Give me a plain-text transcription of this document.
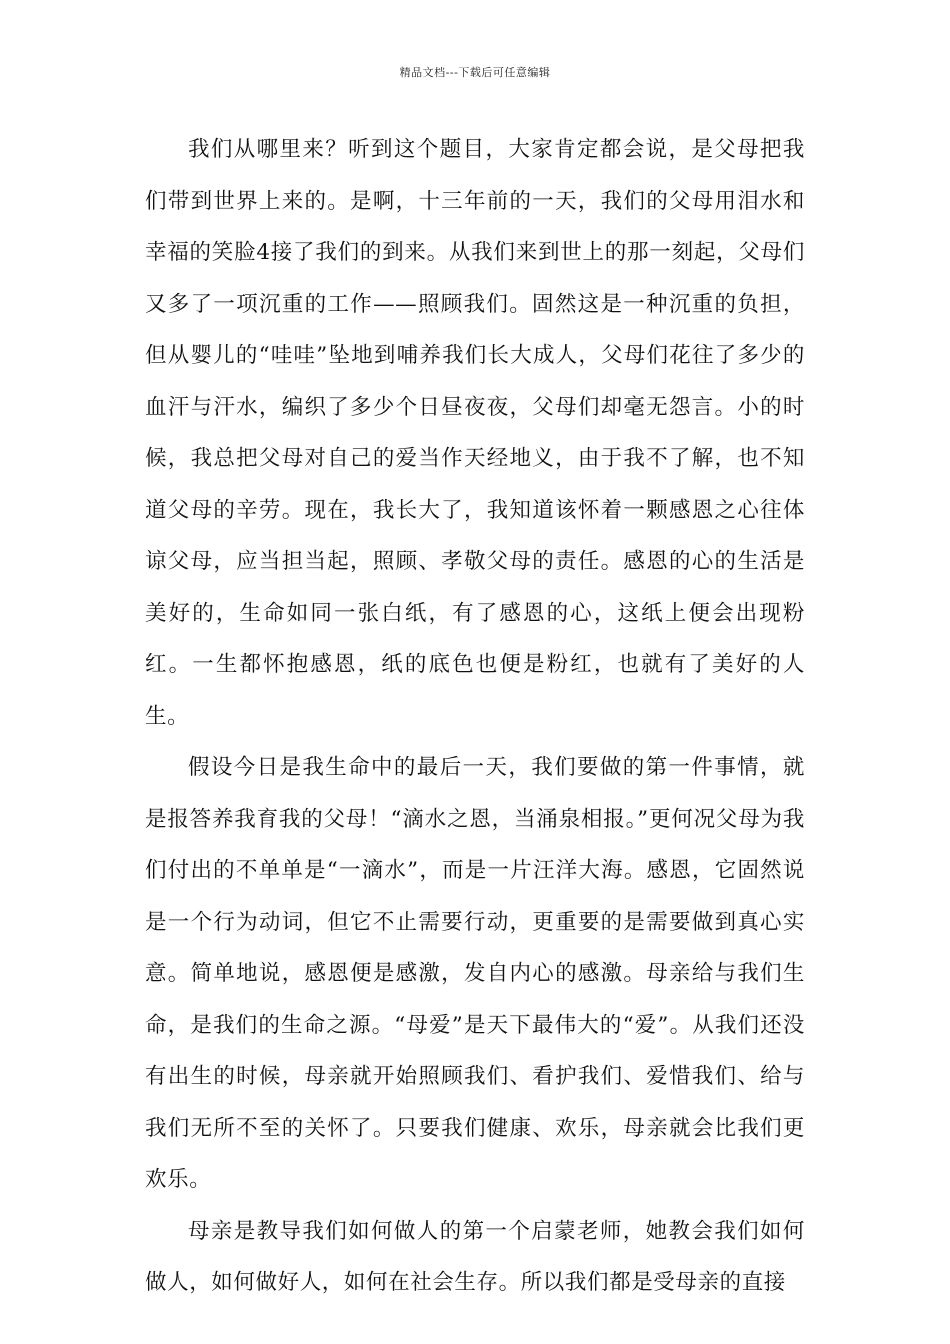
精品文档---下载后可任意编辑

我们从哪里来？听到这个题目，大家肯定都会说，是父母把我们带到世界上来的。是啊，十三年前的一天，我们的父母用泪水和幸福的笑脸4接了我们的到来。从我们来到世上的那一刻起，父母们又多了一项沉重的工作——照顾我们。固然这是一种沉重的负担，但从婴儿的“哇哇”坠地到哺养我们长大成人，父母们花往了多少的血汗与汗水，编织了多少个日昼夜夜，父母们却毫无怨言。小的时候，我总把父母对自己的爱当作天经地义，由于我不了解，也不知道父母的辛劳。现在，我长大了，我知道该怀着一颗感恩之心往体谅父母，应当担当起，照顾、孝敬父母的责任。感恩的心的生活是美好的，生命如同一张白纸，有了感恩的心，这纸上便会出现粉红。一生都怀抱感恩，纸的底色也便是粉红，也就有了美好的人生。

假设今日是我生命中的最后一天，我们要做的第一件事情，就是报答养我育我的父母！“滴水之恩，当涌泉相报。”更何况父母为我们付出的不单单是“一滴水”，而是一片汪洋大海。感恩，它固然说是一个行为动词，但它不止需要行动，更重要的是需要做到真心实意。简单地说，感恩便是感激，发自内心的感激。母亲给与我们生命，是我们的生命之源。“母爱”是天下最伟大的“爱”。从我们还没有出生的时候，母亲就开始照顾我们、看护我们、爱惜我们、给与我们无所不至的关怀了。只要我们健康、欢乐，母亲就会比我们更欢乐。

母亲是教导我们如何做人的第一个启蒙老师，她教会我们如何做人，如何做好人，如何在社会生存。所以我们都是受母亲的直接
